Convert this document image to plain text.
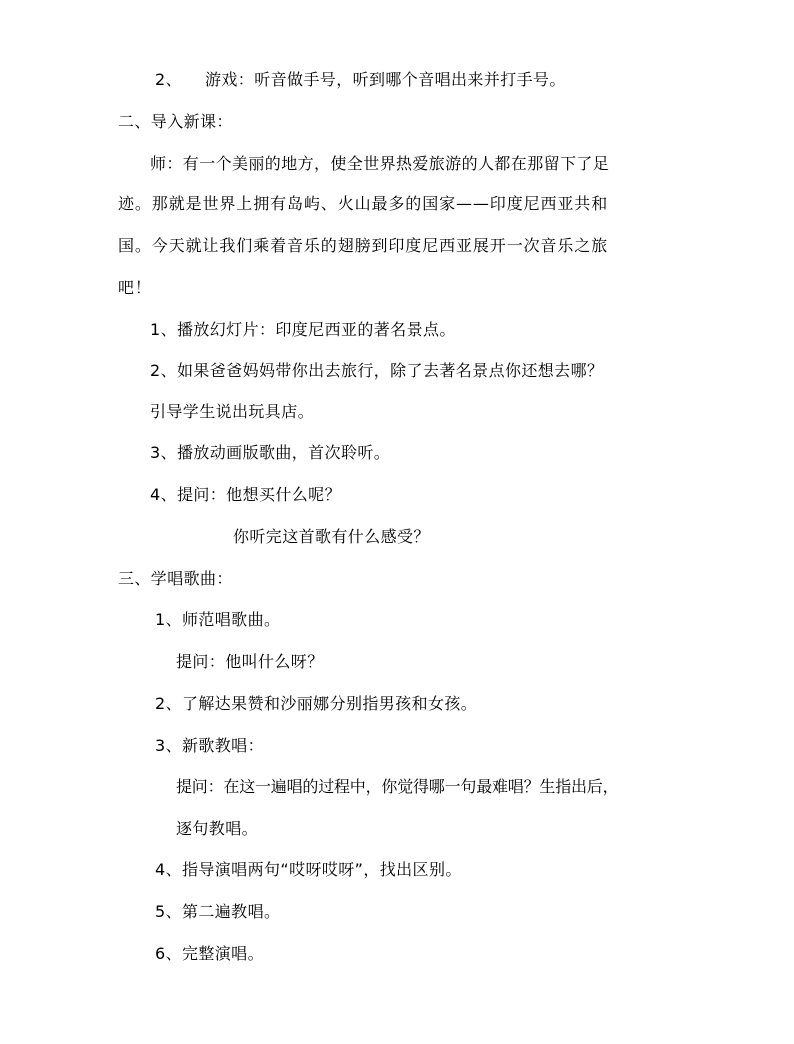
2、 游戏：听音做手号，听到哪个音唱出来并打手号。
二、导入新课：
师：有一个美丽的地方，使全世界热爱旅游的人都在那留下了足
迹。那就是世界上拥有岛屿、火山最多的国家——印度尼西亚共和
国。今天就让我们乘着音乐的翅膀到印度尼西亚展开一次音乐之旅
吧！
1、播放幻灯片：印度尼西亚的著名景点。
2、如果爸爸妈妈带你出去旅行，除了去著名景点你还想去哪？
引导学生说出玩具店。
3、播放动画版歌曲，首次聆听。
4、提问：他想买什么呢？
你听完这首歌有什么感受？
三、学唱歌曲：
1、师范唱歌曲。
提问：他叫什么呀？
2、了解达果赞和沙丽娜分别指男孩和女孩。
3、新歌教唱：
提问：在这一遍唱的过程中，你觉得哪一句最难唱？生指出后，
逐句教唱。
4、指导演唱两句“哎呀哎呀”，找出区别。
5、第二遍教唱。
6、完整演唱。
